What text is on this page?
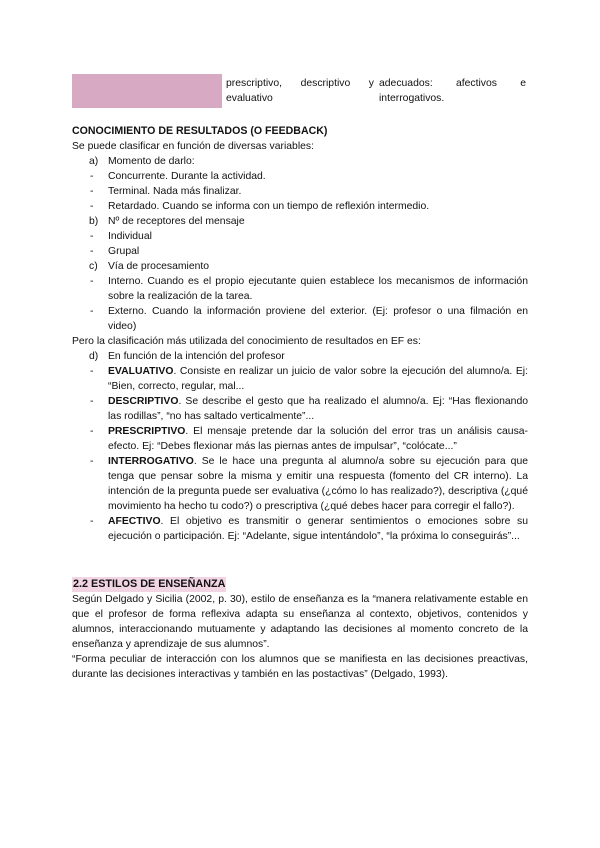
prescriptivo, descriptivo y
evaluativo
adecuados: afectivos e
interrogativos.
CONOCIMIENTO DE RESULTADOS (O FEEDBACK)

Se puede clasificar en función de diversas variables:

a) Momento de darlo:
- Concurrente. Durante la actividad.
- Terminal. Nada más finalizar.
- Retardado. Cuando se informa con un tiempo de reflexión intermedio.
b) Nº de receptores del mensaje
- Individual
- Grupal
c) Vía de procesamiento
- Interno. Cuando es el propio ejecutante quien establece los mecanismos de información sobre la realización de la tarea.
- Externo. Cuando la información proviene del exterior. (Ej: profesor o una filmación en video)

Pero la clasificación más utilizada del conocimiento de resultados en EF es:

d) En función de la intención del profesor
- EVALUATIVO. Consiste en realizar un juicio de valor sobre la ejecución del alumno/a. Ej: “Bien, correcto, regular, mal...
- DESCRIPTIVO. Se describe el gesto que ha realizado el alumno/a. Ej: “Has flexionando las rodillas”, “no has saltado verticalmente”...
- PRESCRIPTIVO. El mensaje pretende dar la solución del error tras un análisis causa-efecto. Ej: “Debes flexionar más las piernas antes de impulsar”, “colócate...”
- INTERROGATIVO. Se le hace una pregunta al alumno/a sobre su ejecución para que tenga que pensar sobre la misma y emitir una respuesta (fomento del CR interno). La intención de la pregunta puede ser evaluativa (¿cómo lo has realizado?), descriptiva (¿qué movimiento ha hecho tu codo?) o prescriptiva (¿qué debes hacer para corregir el fallo?).
- AFECTIVO. El objetivo es transmitir o generar sentimientos o emociones sobre su ejecución o participación. Ej: “Adelante, sigue intentándolo”, “la próxima lo conseguirás”...
2.2 ESTILOS DE ENSEÑANZA

Según Delgado y Sicilia (2002, p. 30), estilo de enseñanza es la “manera relativamente estable en que el profesor de forma reflexiva adapta su enseñanza al contexto, objetivos, contenidos y alumnos, interaccionando mutuamente y adaptando las decisiones al momento concreto de la enseñanza y aprendizaje de sus alumnos”.

“Forma peculiar de interacción con los alumnos que se manifiesta en las decisiones preactivas, durante las decisiones interactivas y también en las postactivas” (Delgado, 1993).
